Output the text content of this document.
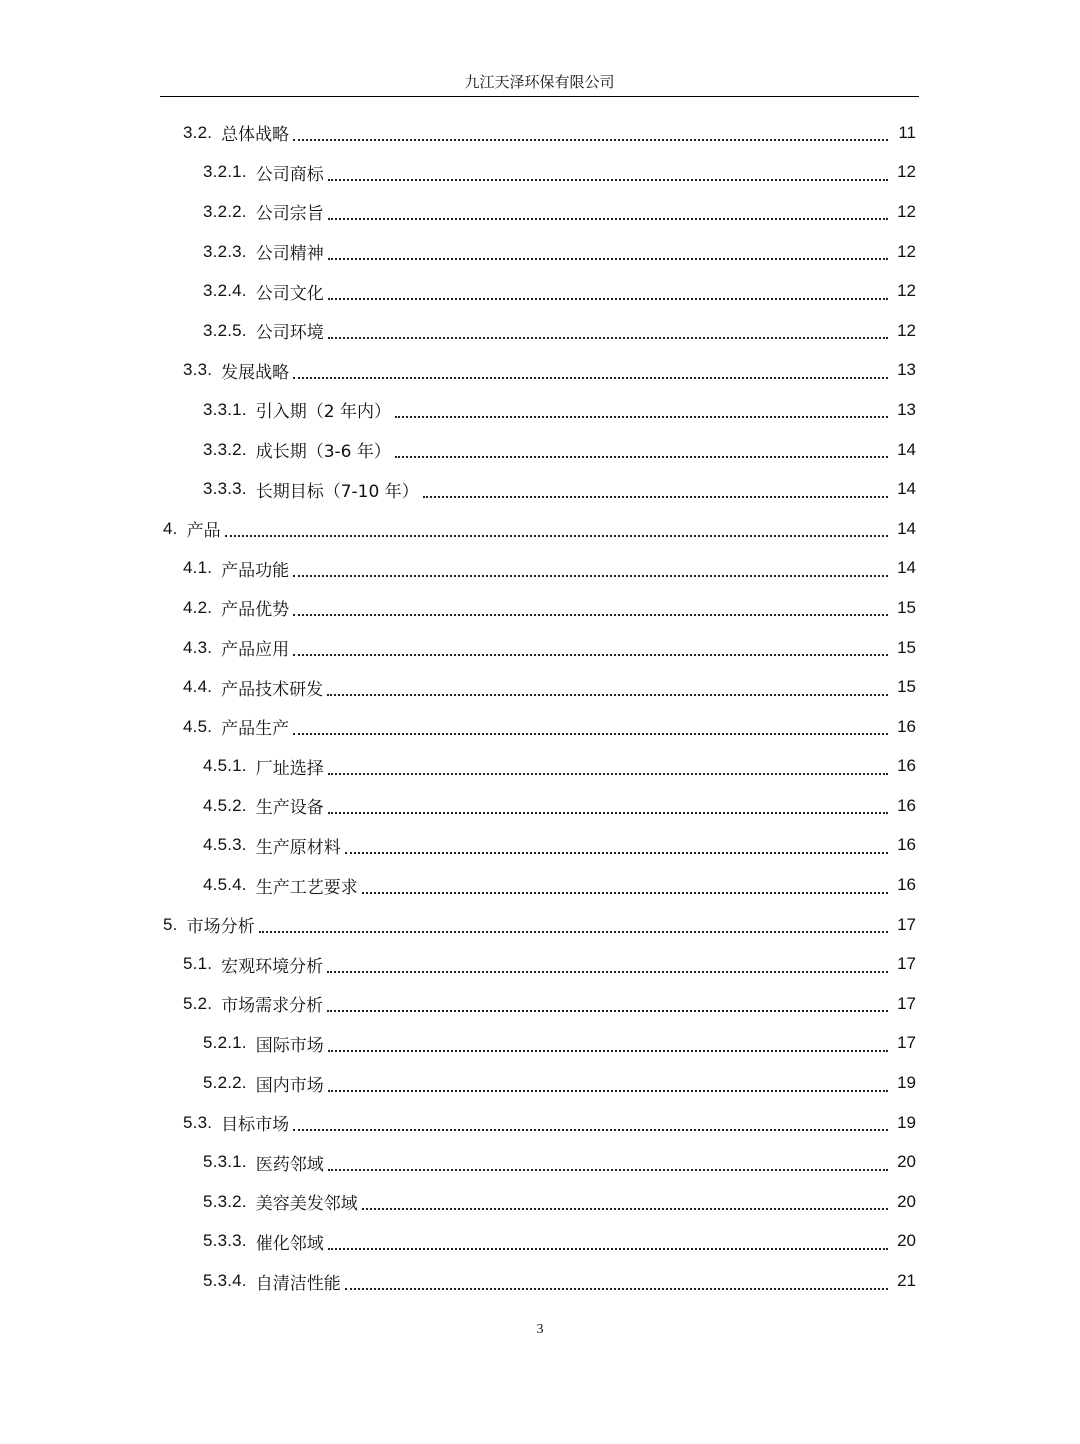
九江天泽环保有限公司
3.2. 总体战略	11
3.2.1. 公司商标	12
3.2.2. 公司宗旨	12
3.2.3. 公司精神	12
3.2.4. 公司文化	12
3.2.5. 公司环境	12
3.3. 发展战略	13
3.3.1. 引入期（2 年内）	13
3.3.2. 成长期（3-6 年）	14
3.3.3. 长期目标（7-10 年）	14
4. 产品	14
4.1. 产品功能	14
4.2. 产品优势	15
4.3. 产品应用	15
4.4. 产品技术研发	15
4.5. 产品生产	16
4.5.1. 厂址选择	16
4.5.2. 生产设备	16
4.5.3. 生产原材料	16
4.5.4. 生产工艺要求	16
5. 市场分析	17
5.1. 宏观环境分析	17
5.2. 市场需求分析	17
5.2.1. 国际市场	17
5.2.2. 国内市场	19
5.3. 目标市场	19
5.3.1. 医药邻域	20
5.3.2. 美容美发邻域	20
5.3.3. 催化邻域	20
5.3.4. 自清洁性能	21
3
